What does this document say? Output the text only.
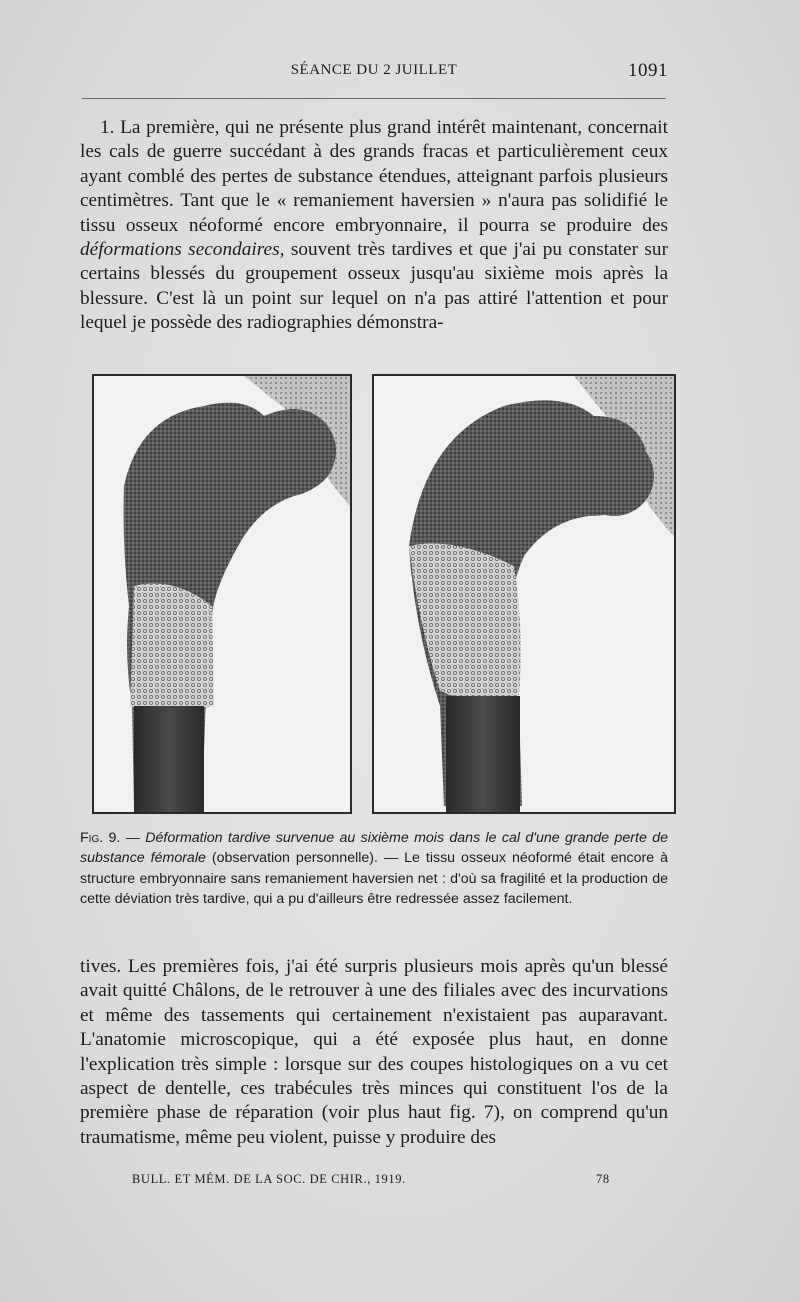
SÉANCE DU 2 JUILLET	1091

1. La première, qui ne présente plus grand intérêt maintenant, concernait les cals de guerre succédant à des grands fracas et particulièrement ceux ayant comblé des pertes de substance étendues, atteignant parfois plusieurs centimètres. Tant que le « remaniement haversien » n'aura pas solidifié le tissu osseux néoformé encore embryonnaire, il pourra se produire des déformations secondaires, souvent très tardives et que j'ai pu constater sur certains blessés du groupement osseux jusqu'au sixième mois après la blessure. C'est là un point sur lequel on n'a pas attiré l'attention et pour lequel je possède des radiographies démonstra-

Fig. 9. — Déformation tardive survenue au sixième mois dans le cal d'une grande perte de substance fémorale (observation personnelle). — Le tissu osseux néoformé était encore à structure embryonnaire sans remaniement haversien net : d'où sa fragilité et la production de cette déviation très tardive, qui a pu d'ailleurs être redressée assez facilement.

tives. Les premières fois, j'ai été surpris plusieurs mois après qu'un blessé avait quitté Châlons, de le retrouver à une des filiales avec des incurvations et même des tassements qui certainement n'existaient pas auparavant. L'anatomie microscopique, qui a été exposée plus haut, en donne l'explication très simple : lorsque sur des coupes histologiques on a vu cet aspect de dentelle, ces trabécules très minces qui constituent l'os de la première phase de réparation (voir plus haut fig. 7), on comprend qu'un traumatisme, même peu violent, puisse y produire des

BULL. ET MÉM. DE LA SOC. DE CHIR., 1919.	78
